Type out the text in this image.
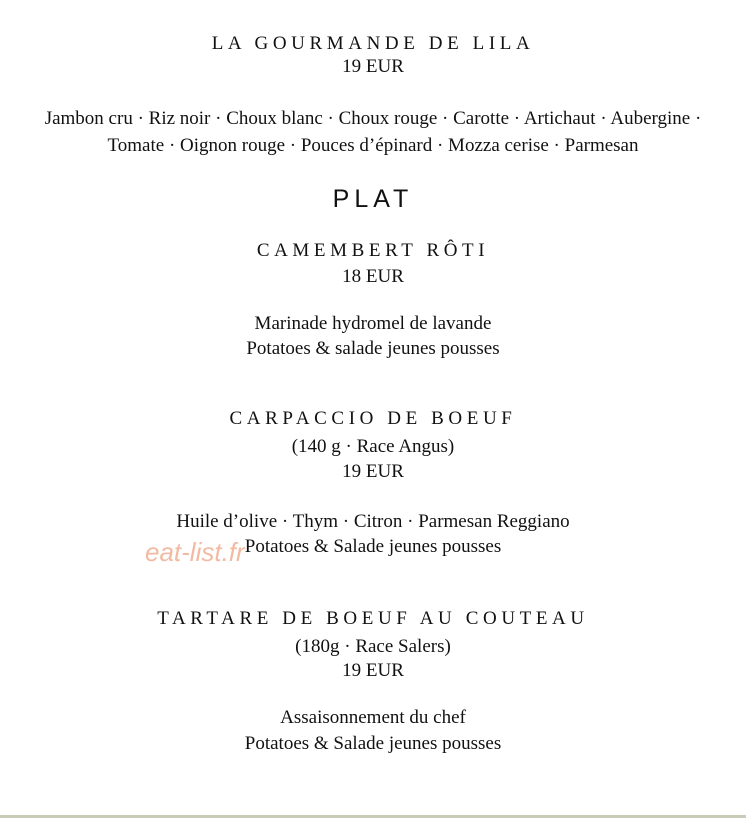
LA GOURMANDE DE LILA
19 EUR
Jambon cru · Riz noir · Choux blanc · Choux rouge · Carotte · Artichaut · Aubergine ·
Tomate · Oignon rouge · Pouces d’épinard · Mozza cerise · Parmesan
PLAT
CAMEMBERT RÔTI
18 EUR
Marinade hydromel de lavande
Potatoes & salade jeunes pousses
CARPACCIO DE BOEUF
(140 g · Race Angus)
19 EUR
Huile d’olive · Thym · Citron · Parmesan Reggiano
Potatoes & Salade jeunes pousses
TARTARE DE BOEUF AU COUTEAU
(180g · Race Salers)
19 EUR
Assaisonnement du chef
Potatoes & Salade jeunes pousses
eat-list.fr
